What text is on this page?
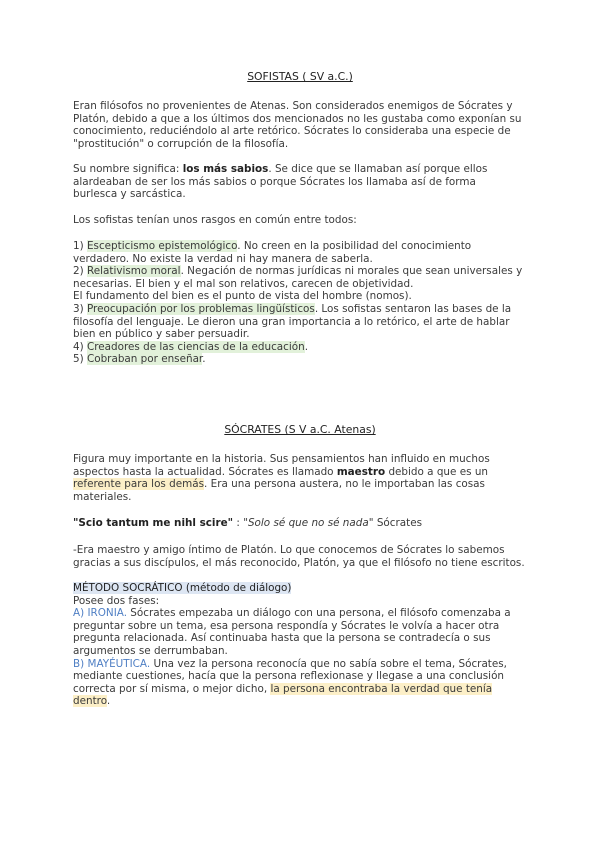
SOFISTAS ( SV a.C.)

Eran filósofos no provenientes de Atenas. Son considerados enemigos de Sócrates y

Platón, debido a que a los últimos dos mencionados no les gustaba como exponían su

conocimiento, reduciéndolo al arte retórico. Sócrates lo consideraba una especie de

"prostitución" o corrupción de la filosofía.

Su nombre significa: los más sabios. Se dice que se llamaban así porque ellos

alardeaban de ser los más sabios o porque Sócrates los llamaba así de forma

burlesca y sarcástica.

Los sofistas tenían unos rasgos en común entre todos:

1) Escepticismo epistemológico. No creen en la posibilidad del conocimiento

verdadero. No existe la verdad ni hay manera de saberla.

2) Relativismo moral. Negación de normas jurídicas ni morales que sean universales y

necesarias. El bien y el mal son relativos, carecen de objetividad.

El fundamento del bien es el punto de vista del hombre (nomos).

3) Preocupación por los problemas lingüísticos. Los sofistas sentaron las bases de la

filosofía del lenguaje. Le dieron una gran importancia a lo retórico, el arte de hablar

bien en público y saber persuadir.

4) Creadores de las ciencias de la educación.

5) Cobraban por enseñar.

SÓCRATES (S V a.C. Atenas)

Figura muy importante en la historia. Sus pensamientos han influido en muchos

aspectos hasta la actualidad. Sócrates es llamado maestro debido a que es un

referente para los demás. Era una persona austera, no le importaban las cosas

materiales.

"Scio tantum me nihl scire" : "Solo sé que no sé nada" Sócrates

-Era maestro y amigo íntimo de Platón. Lo que conocemos de Sócrates lo sabemos

gracias a sus discípulos, el más reconocido, Platón, ya que el filósofo no tiene escritos.

MÉTODO SOCRÁTICO (método de diálogo)

Posee dos fases:

A) IRONIA. Sócrates empezaba un diálogo con una persona, el filósofo comenzaba a

preguntar sobre un tema, esa persona respondía y Sócrates le volvía a hacer otra

pregunta relacionada. Así continuaba hasta que la persona se contradecía o sus

argumentos se derrumbaban.

B) MAYÉUTICA. Una vez la persona reconocía que no sabía sobre el tema, Sócrates,

mediante cuestiones, hacía que la persona reflexionase y llegase a una conclusión

correcta por sí misma, o mejor dicho, la persona encontraba la verdad que tenía

dentro.
